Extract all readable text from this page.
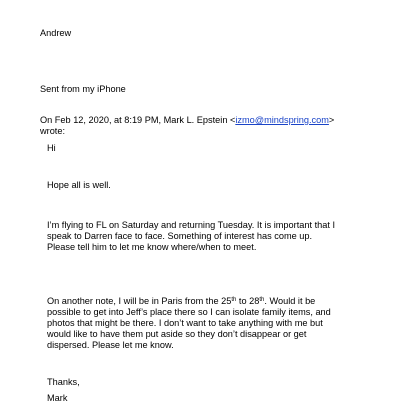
Andrew
Sent from my iPhone
On Feb 12, 2020, at 8:19 PM, Mark L. Epstein <izmo@mindspring.com>
wrote:
Hi
Hope all is well.
I’m flying to FL on Saturday and returning Tuesday. It is important that I
speak to Darren face to face. Something of interest has come up.
Please tell him to let me know where/when to meet.
On another note, I will be in Paris from the 25th to 28th. Would it be
possible to get into Jeff’s place there so I can isolate family items, and
photos that might be there. I don’t want to take anything with me but
would like to have them put aside so they don’t disappear or get
dispersed. Please let me know.
Thanks,
Mark
